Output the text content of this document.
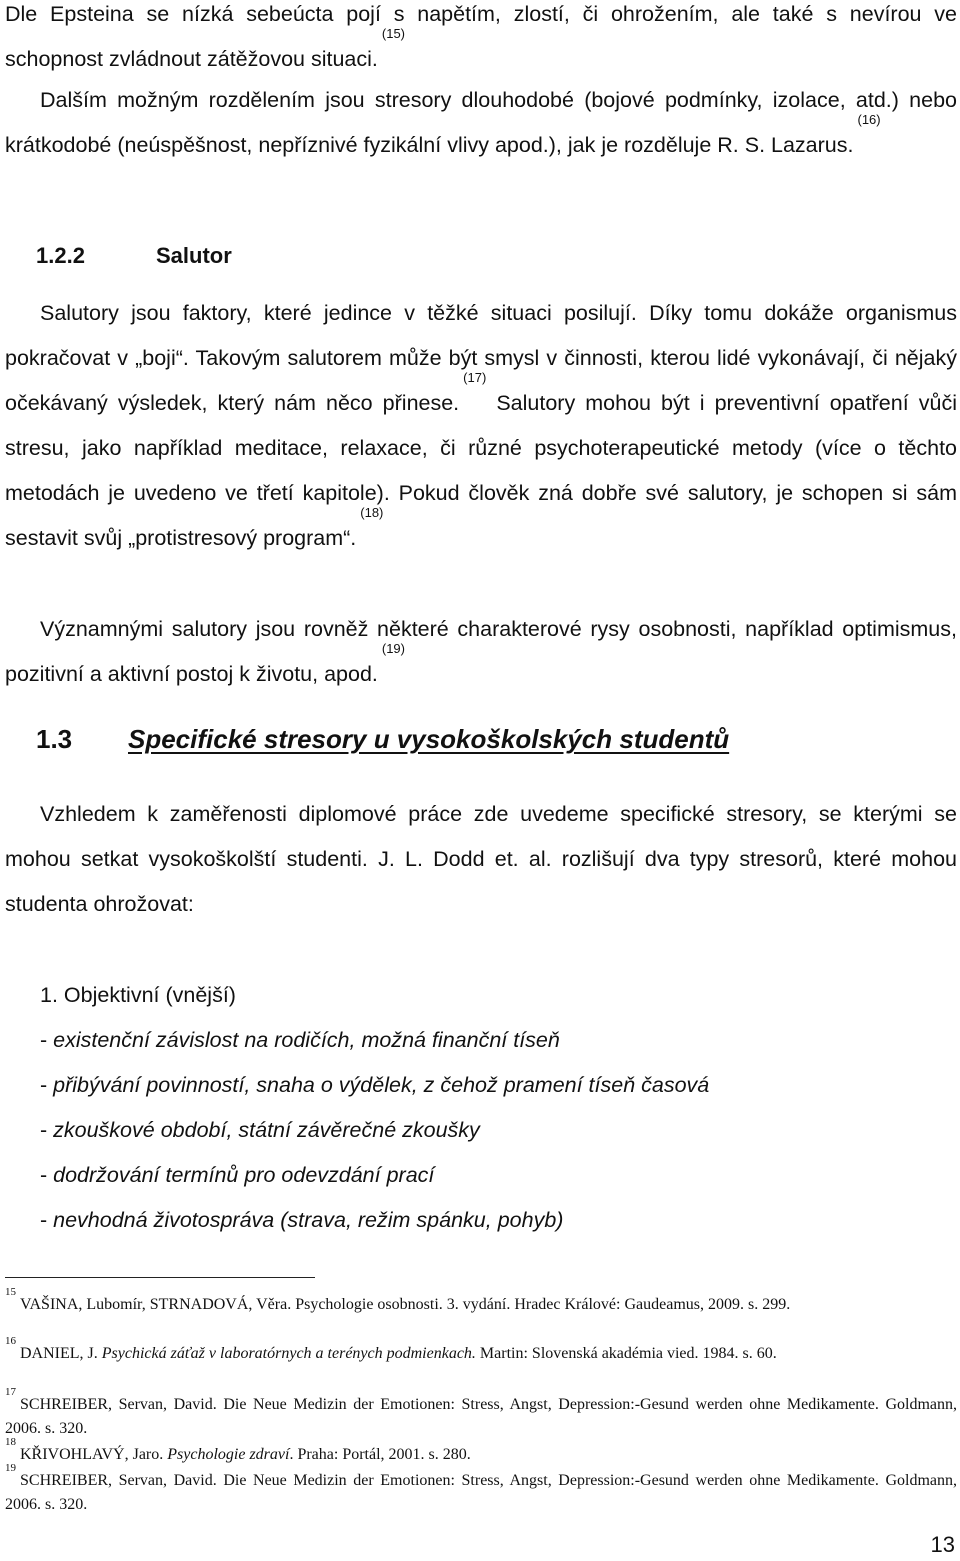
Dle Epsteina se nízká sebeúcta pojí s napětím, zlostí, či ohrožením, ale také s nevírou ve schopnost zvládnout zátěžovou situaci.$^{(15)}$

Dalším možným rozdělením jsou stresory dlouhodobé (bojové podmínky, izolace, atd.) nebo krátkodobé (neúspěšnost, nepříznivé fyzikální vlivy apod.), jak je rozděluje R. S. Lazarus.$^{(16)}$

1.2.2	Salutor

Salutory jsou faktory, které jedince v těžké situaci posilují. Díky tomu dokáže organismus pokračovat v „boji“. Takovým salutorem může být smysl v činnosti, kterou lidé vykonávají, či nějaký očekávaný výsledek, který nám něco přinese.$^{(17)}$ Salutory mohou být i preventivní opatření vůči stresu, jako například meditace, relaxace, či různé psychoterapeutické metody (více o těchto metodách je uvedeno ve třetí kapitole). Pokud člověk zná dobře své salutory, je schopen si sám sestavit svůj „protistresový program“.$^{(18)}$

Významnými salutory jsou rovněž některé charakterové rysy osobnosti, například optimismus, pozitivní a aktivní postoj k životu, apod.$^{(19)}$

1.3 Specifické stresory u vysokoškolských studentů

Vzhledem k zaměřenosti diplomové práce zde uvedeme specifické stresory, se kterými se mohou setkat vysokoškolští studenti. J. L. Dodd et. al. rozlišují dva typy stresorů, které mohou studenta ohrožovat:

1. Objektivní (vnější)
- existenční závislost na rodičích, možná finanční tíseň
- přibývání povinností, snaha o výdělek, z čehož pramení tíseň časová
- zkouškové období, státní závěrečné zkoušky
- dodržování termínů pro odevzdání prací
- nevhodná životospráva (strava, režim spánku, pohyb)
$^{15}$VAŠINA, Lubomír, STRNADOVÁ, Věra. Psychologie osobnosti. 3. vydání. Hradec Králové: Gaudeamus, 2009. s. 299.
$^{16}$DANIEL, J. Psychická záťaž v laboratórnych a terénych podmienkach. Martin: Slovenská akadémia vied. 1984. s. 60.
$^{17}$SCHREIBER, Servan, David. Die Neue Medizin der Emotionen: Stress, Angst, Depression:-Gesund werden ohne Medikamente. Goldmann, 2006. s. 320.
$^{18}$KŘIVOHLAVÝ, Jaro. Psychologie zdraví. Praha: Portál, 2001. s. 280.
$^{19}$SCHREIBER, Servan, David. Die Neue Medizin der Emotionen: Stress, Angst, Depression:-Gesund werden ohne Medikamente. Goldmann, 2006. s. 320.
13
